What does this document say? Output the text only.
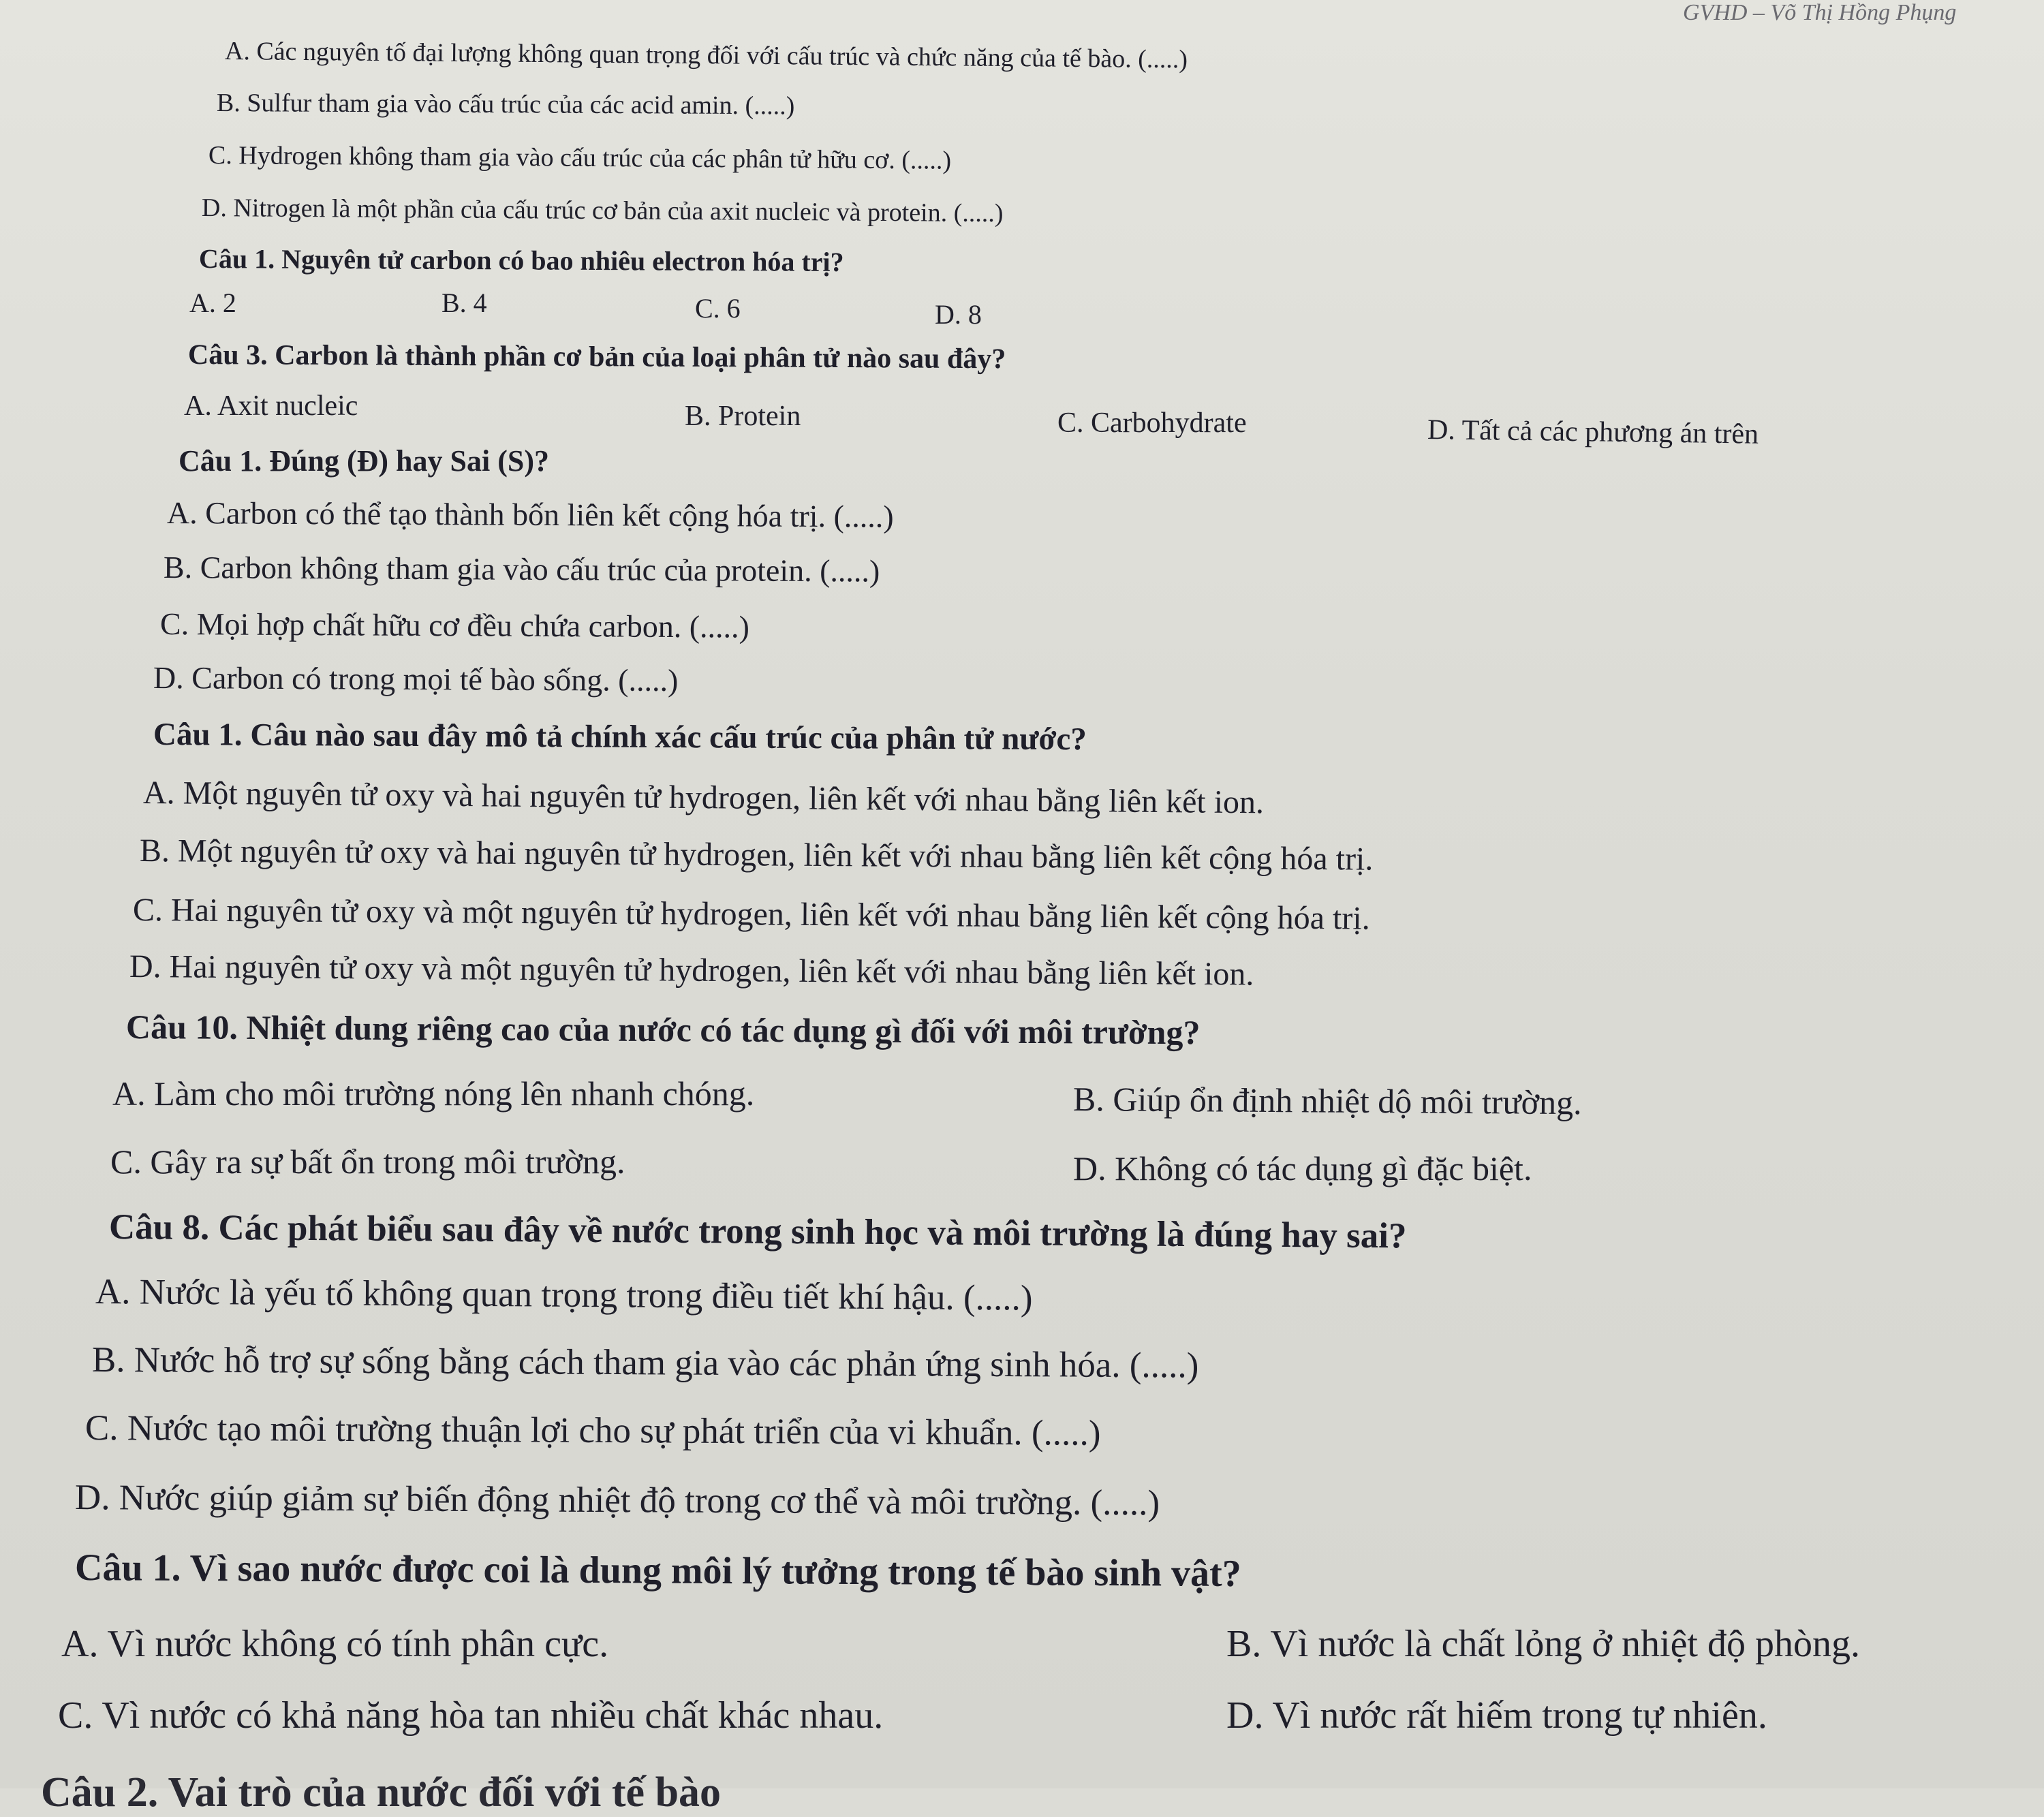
GVHD – Võ Thị Hồng Phụng
A. Các nguyên tố đại lượng không quan trọng đối với cấu trúc và chức năng của tế bào. (.....)
B. Sulfur tham gia vào cấu trúc của các acid amin. (.....)
C. Hydrogen không tham gia vào cấu trúc của các phân tử hữu cơ. (.....)
D. Nitrogen là một phần của cấu trúc cơ bản của axit nucleic và protein. (.....)
Câu 1. Nguyên tử carbon có bao nhiêu electron hóa trị?
A. 2	B. 4	C. 6	D. 8
Câu 3. Carbon là thành phần cơ bản của loại phân tử nào sau đây?
A. Axit nucleic	B. Protein	C. Carbohydrate	D. Tất cả các phương án trên
Câu 1. Đúng (Đ) hay Sai (S)?
A. Carbon có thể tạo thành bốn liên kết cộng hóa trị. (.....)
B. Carbon không tham gia vào cấu trúc của protein. (.....)
C. Mọi hợp chất hữu cơ đều chứa carbon. (.....)
D. Carbon có trong mọi tế bào sống. (.....)
Câu 1. Câu nào sau đây mô tả chính xác cấu trúc của phân tử nước?
A. Một nguyên tử oxy và hai nguyên tử hydrogen, liên kết với nhau bằng liên kết ion.
B. Một nguyên tử oxy và hai nguyên tử hydrogen, liên kết với nhau bằng liên kết cộng hóa trị.
C. Hai nguyên tử oxy và một nguyên tử hydrogen, liên kết với nhau bằng liên kết cộng hóa trị.
D. Hai nguyên tử oxy và một nguyên tử hydrogen, liên kết với nhau bằng liên kết ion.
Câu 10. Nhiệt dung riêng cao của nước có tác dụng gì đối với môi trường?
A. Làm cho môi trường nóng lên nhanh chóng.	B. Giúp ổn định nhiệt dộ môi trường.
C. Gây ra sự bất ổn trong môi trường.	D. Không có tác dụng gì đặc biệt.
Câu 8. Các phát biểu sau đây về nước trong sinh học và môi trường là đúng hay sai?
A. Nước là yếu tố không quan trọng trong điều tiết khí hậu. (.....)
B. Nước hỗ trợ sự sống bằng cách tham gia vào các phản ứng sinh hóa. (.....)
C. Nước tạo môi trường thuận lợi cho sự phát triển của vi khuẩn. (.....)
D. Nước giúp giảm sự biến động nhiệt độ trong cơ thể và môi trường. (.....)
Câu 1. Vì sao nước được coi là dung môi lý tưởng trong tế bào sinh vật?
A. Vì nước không có tính phân cực.	B. Vì nước là chất lỏng ở nhiệt độ phòng.
C. Vì nước có khả năng hòa tan nhiều chất khác nhau.	D. Vì nước rất hiếm trong tự nhiên.
Câu 2. Vai trò của nước đối với tế bào
